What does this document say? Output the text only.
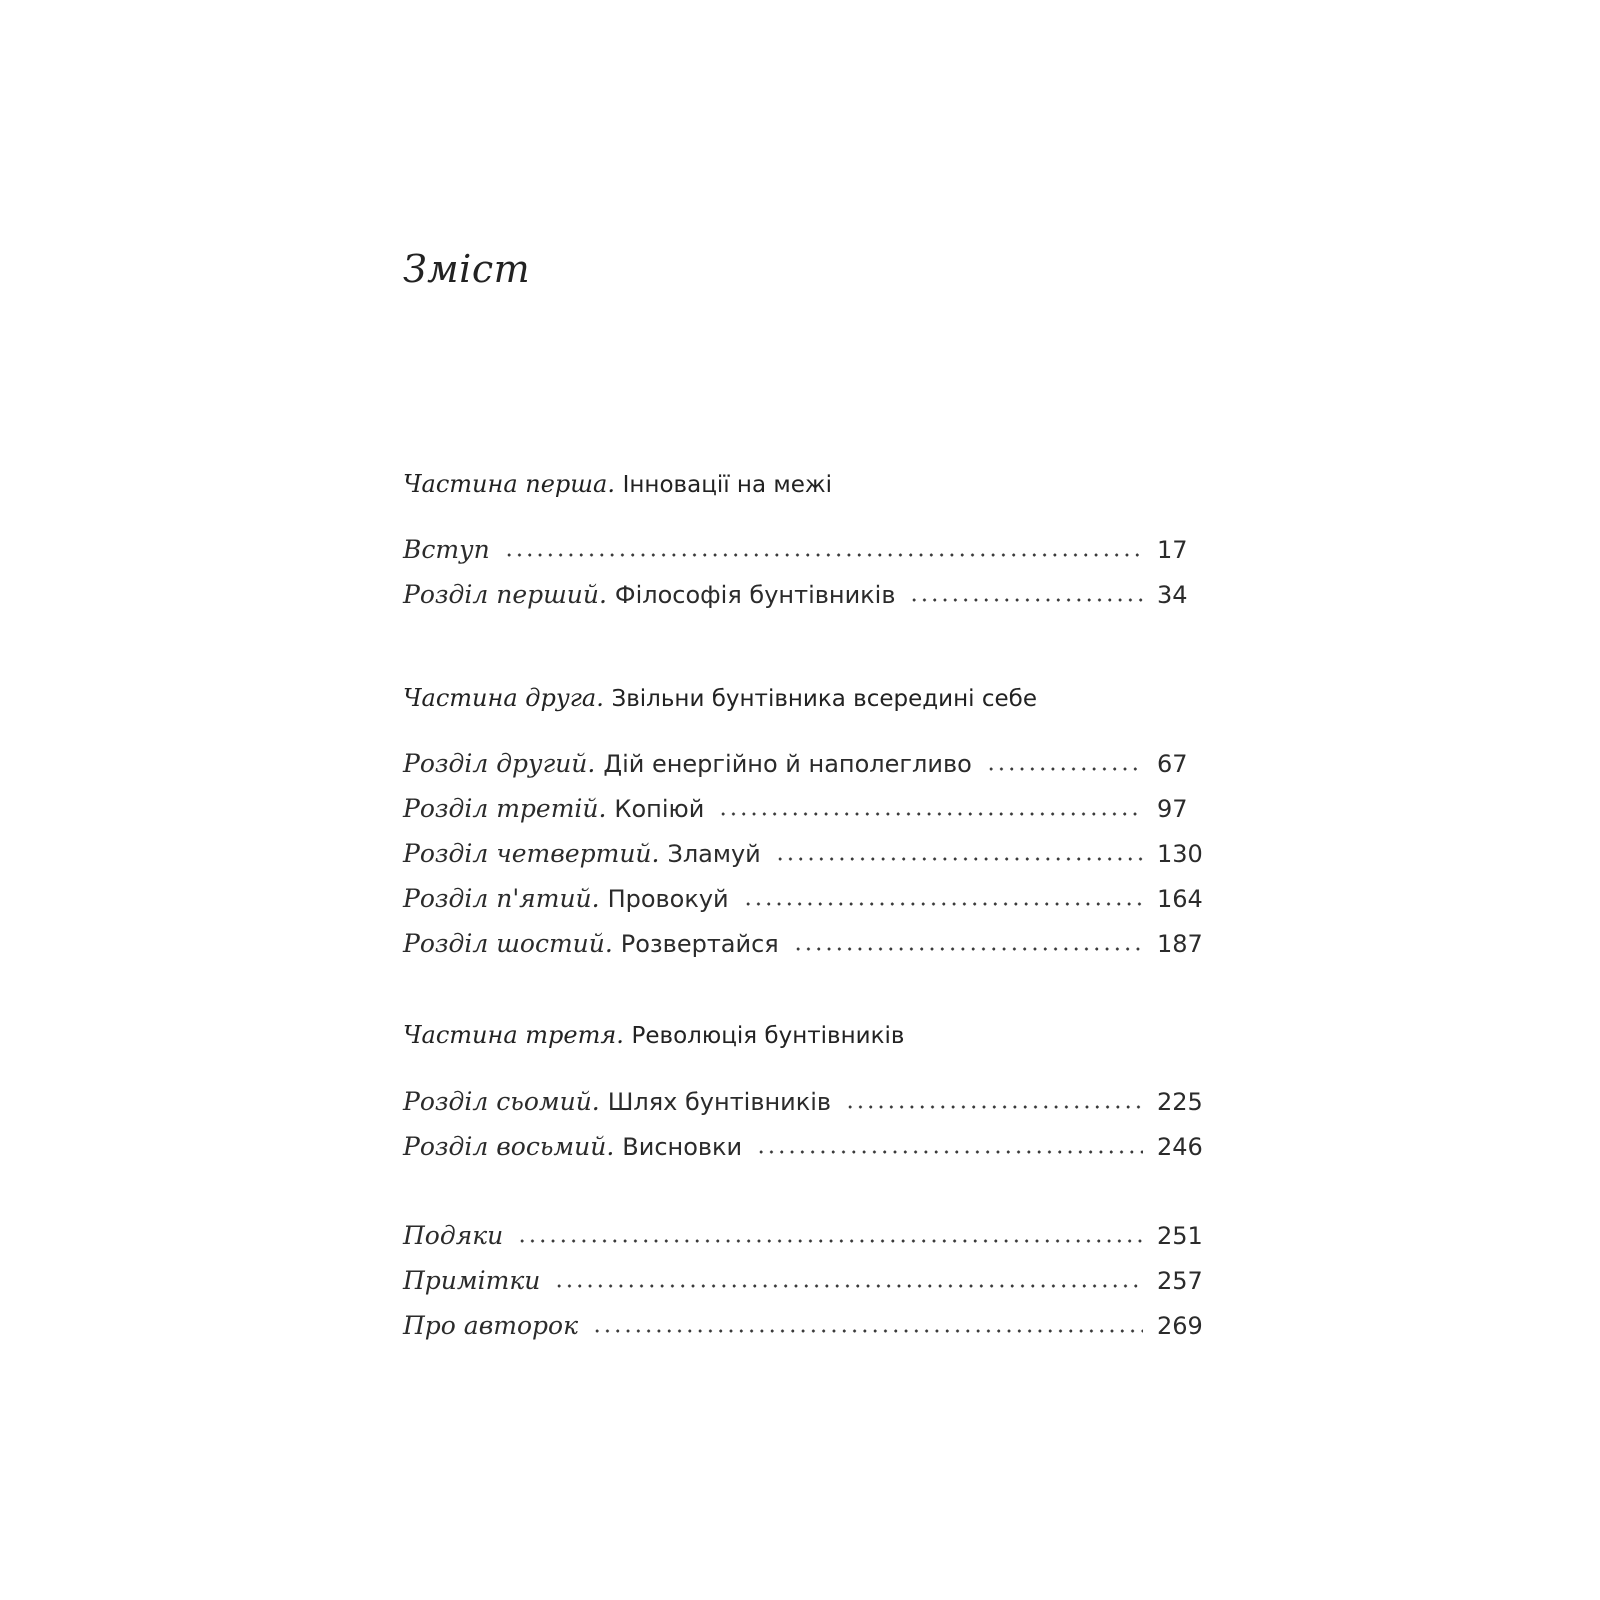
Зміст
Частина перша. Інновації на межі
Вступ	17
Розділ перший. Філософія бунтівників	34
Частина друга. Звільни бунтівника всередині себе
Розділ другий. Дій енергійно й наполегливо	67
Розділ третій. Копіюй	97
Розділ четвертий. Зламуй	130
Розділ п'ятий. Провокуй	164
Розділ шостий. Розвертайся	187
Частина третя. Революція бунтівників
Розділ сьомий. Шлях бунтівників	225
Розділ восьмий. Висновки	246
Подяки	251
Примітки	257
Про авторок	269
